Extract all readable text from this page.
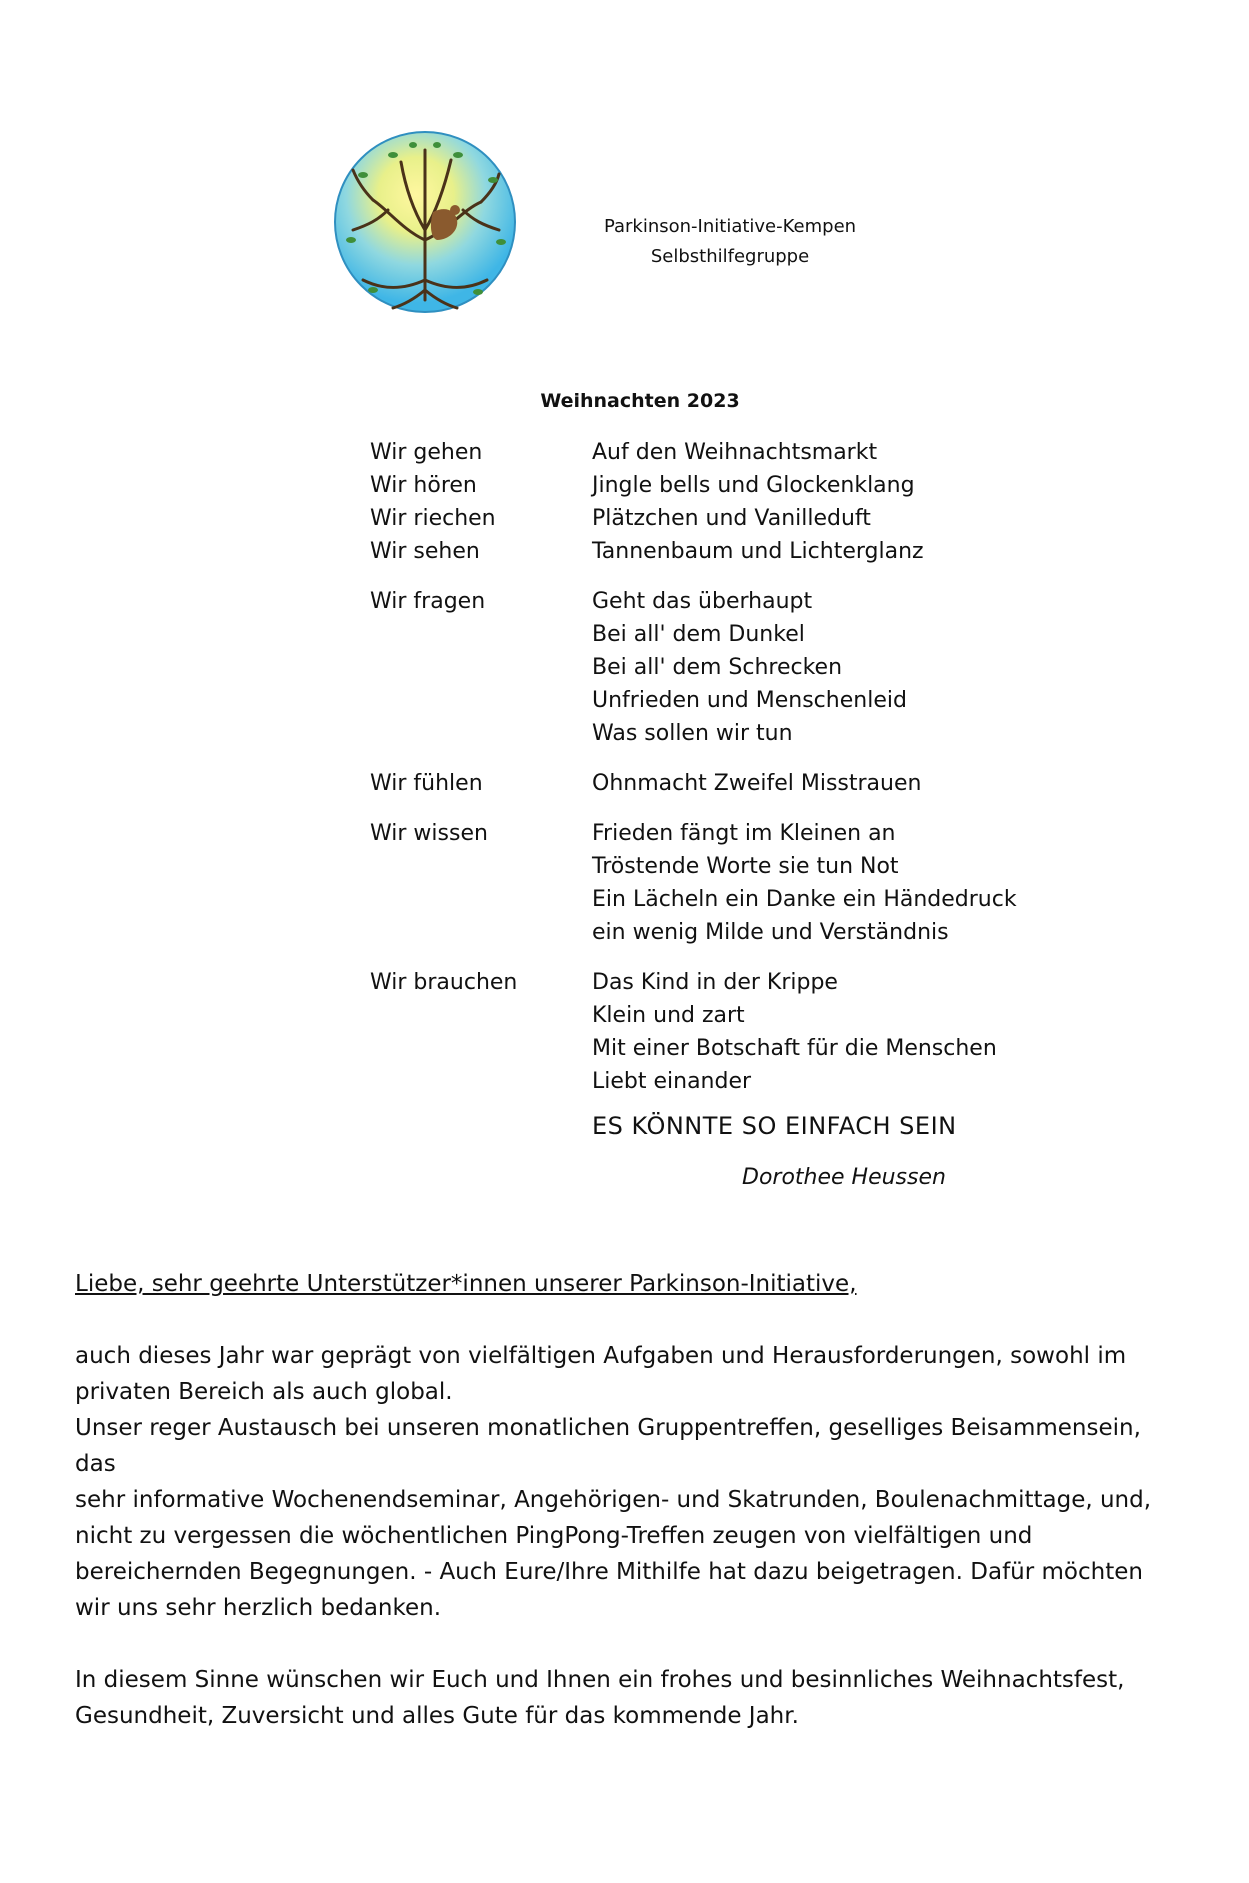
Parkinson-Initiative-Kempen
Selbsthilfegruppe
Weihnachten 2023
Wir gehen	Auf den Weihnachtsmarkt
Wir hören	Jingle bells und Glockenklang
Wir riechen	Plätzchen und Vanilleduft
Wir sehen	Tannenbaum und Lichterglanz
Wir fragen	Geht das überhaupt
Bei all' dem Dunkel
Bei all' dem Schrecken
Unfrieden und Menschenleid
Was sollen wir tun
Wir fühlen	Ohnmacht Zweifel Misstrauen
Wir wissen	Frieden fängt im Kleinen an
Tröstende Worte sie tun Not
Ein Lächeln ein Danke ein Händedruck
ein wenig Milde und Verständnis
Wir brauchen	Das Kind in der Krippe
Klein und zart
Mit einer Botschaft für die Menschen
Liebt einander
ES KÖNNTE SO EINFACH SEIN
Dorothee Heussen
Liebe, sehr geehrte Unterstützer*innen unserer Parkinson-Initiative,
auch dieses Jahr war geprägt von vielfältigen Aufgaben und Herausforderungen, sowohl im
privaten Bereich als auch global.
Unser reger Austausch bei unseren monatlichen Gruppentreffen, geselliges Beisammensein, das
sehr informative Wochenendseminar, Angehörigen- und Skatrunden, Boulenachmittage, und,
nicht zu vergessen die wöchentlichen PingPong-Treffen zeugen von vielfältigen und
bereichernden Begegnungen. - Auch Eure/Ihre Mithilfe hat dazu beigetragen. Dafür möchten
wir uns sehr herzlich bedanken.
In diesem Sinne wünschen wir Euch und Ihnen ein frohes und besinnliches Weihnachtsfest,
Gesundheit, Zuversicht und alles Gute für das kommende Jahr.
